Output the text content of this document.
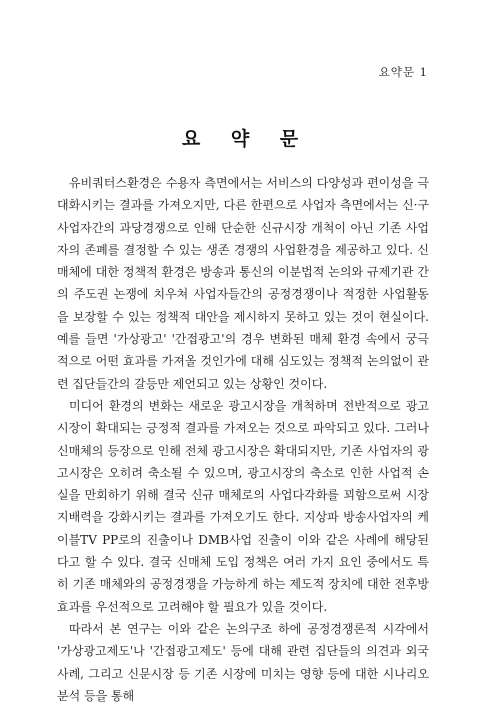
요약문 1
요 약 문

유비쿼터스환경은 수용자 측면에서는 서비스의 다양성과 편이성을 극대화시키는 결과를 가져오지만, 다른 한편으로 사업자 측면에서는 신·구사업자간의 과당경쟁으로 인해 단순한 신규시장 개척이 아닌 기존 사업자의 존폐를 결정할 수 있는 생존 경쟁의 사업환경을 제공하고 있다. 신매체에 대한 정책적 환경은 방송과 통신의 이분법적 논의와 규제기관 간의 주도권 논쟁에 치우쳐 사업자들간의 공정경쟁이나 적정한 사업활동을 보장할 수 있는 정책적 대안을 제시하지 못하고 있는 것이 현실이다. 예를 들면 '가상광고' '간접광고'의 경우 변화된 매체 환경 속에서 궁극적으로 어떤 효과를 가져올 것인가에 대해 심도있는 정책적 논의없이 관련 집단들간의 갈등만 제언되고 있는 상황인 것이다.

미디어 환경의 변화는 새로운 광고시장을 개척하며 전반적으로 광고시장이 확대되는 긍정적 결과를 가져오는 것으로 파악되고 있다. 그러나 신매체의 등장으로 인해 전체 광고시장은 확대되지만, 기존 사업자의 광고시장은 오히려 축소될 수 있으며, 광고시장의 축소로 인한 사업적 손실을 만회하기 위해 결국 신규 매체로의 사업다각화를 꾀함으로써 시장지배력을 강화시키는 결과를 가져오기도 한다. 지상파 방송사업자의 케이블TV PP로의 진출이나 DMB사업 진출이 이와 같은 사례에 해당된다고 할 수 있다. 결국 신매체 도입 정책은 여러 가지 요인 중에서도 특히 기존 매체와의 공정경쟁을 가능하게 하는 제도적 장치에 대한 전후방 효과를 우선적으로 고려해야 할 필요가 있을 것이다.

따라서 본 연구는 이와 같은 논의구조 하에 공정경쟁론적 시각에서 '가상광고제도'나 '간접광고제도' 등에 대해 관련 집단들의 의견과 외국 사례, 그리고 신문시장 등 기존 시장에 미치는 영향 등에 대한 시나리오 분석 등을 통해
